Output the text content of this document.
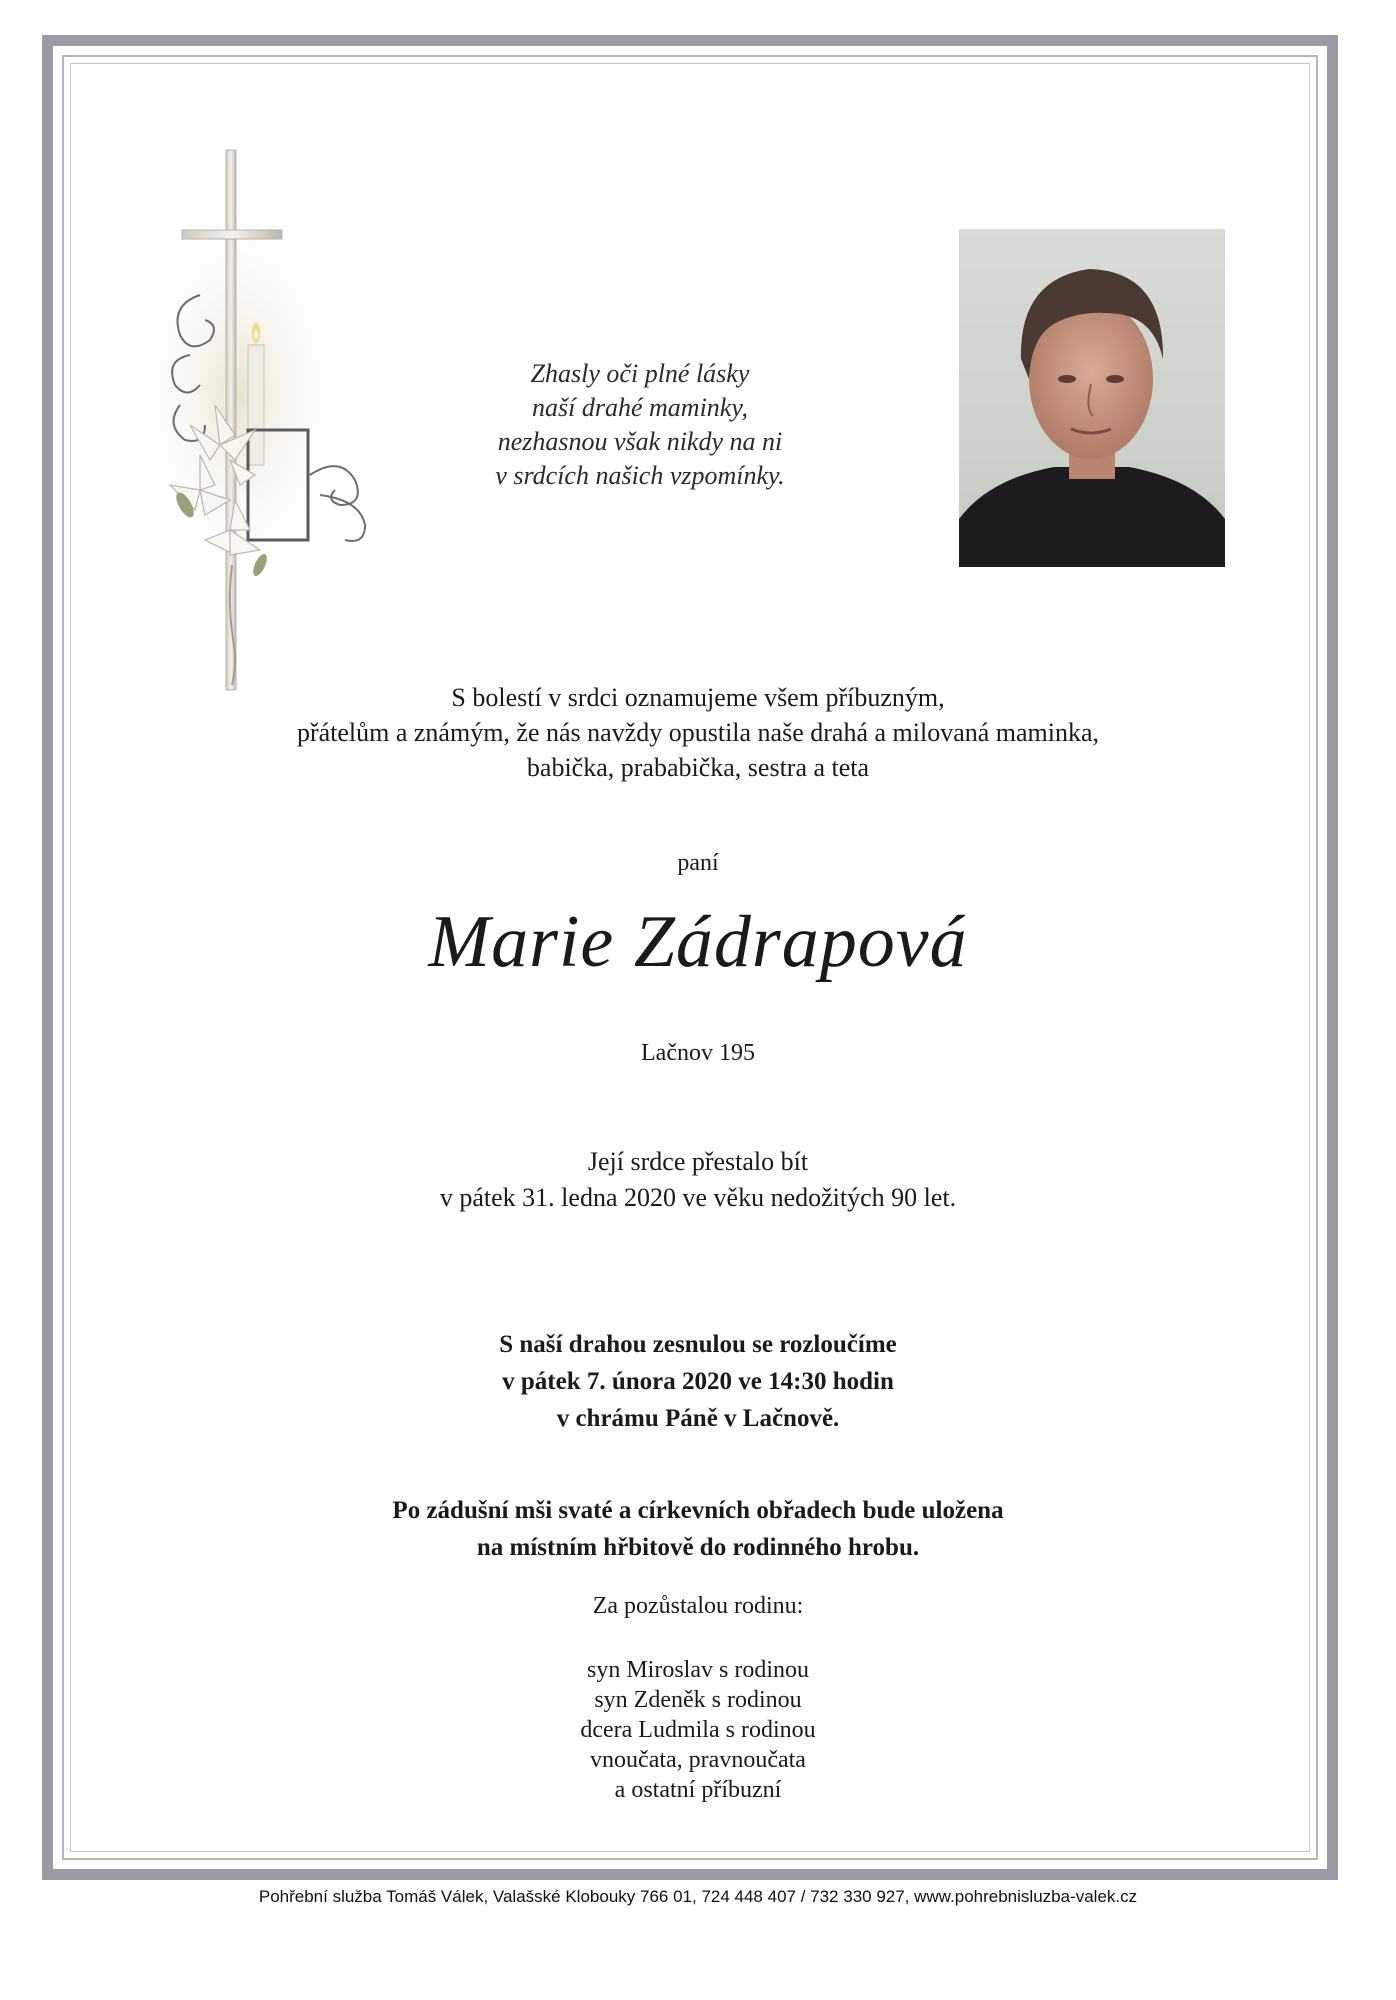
Zhasly oči plné lásky
naší drahé maminky,
nezhasnou však nikdy na ni
v srdcích našich vzpomínky.
S bolestí v srdci oznamujeme všem příbuzným,
přátelům a známým, že nás navždy opustila naše drahá a milovaná maminka,
babička, prababička, sestra a teta
paní
Marie Zádrapová
Lačnov 195
Její srdce přestalo bít
v pátek 31. ledna 2020 ve věku nedožitých 90 let.
S naší drahou zesnulou se rozloučíme
v pátek 7. února 2020 ve 14:30 hodin
v chrámu Páně v Lačnově.
Po zádušní mši svaté a církevních obřadech bude uložena
na místním hřbitově do rodinného hrobu.
Za pozůstalou rodinu:
syn Miroslav s rodinou
syn Zdeněk s rodinou
dcera Ludmila s rodinou
vnoučata, pravnoučata
a ostatní příbuzní
Pohřební služba Tomáš Válek, Valašské Klobouky 766 01, 724 448 407 / 732 330 927, www.pohrebnisluzba-valek.cz
